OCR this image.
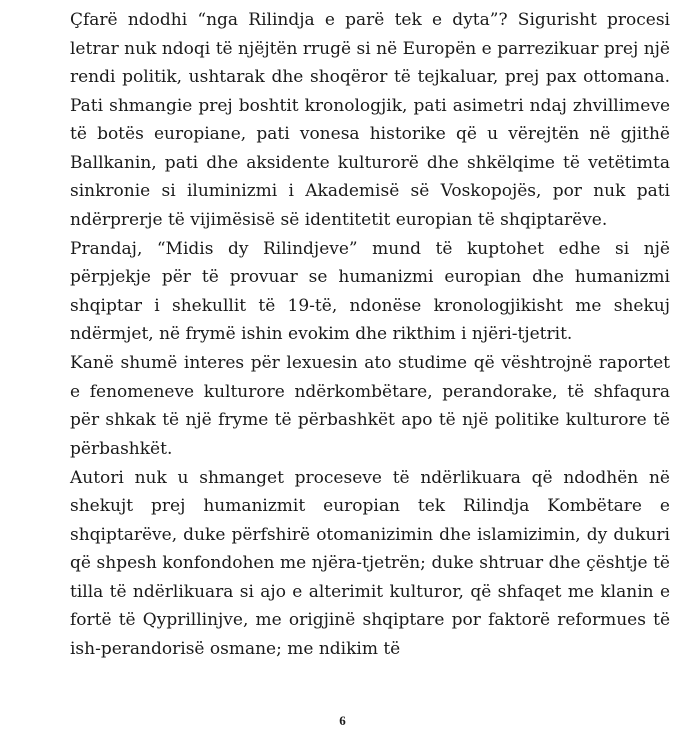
Çfarë ndodhi “nga Rilindja e parë tek e dyta”? Sigurisht procesi letrar nuk ndoqi të njëjtën rrugë si në Europën e parrezikuar prej një rendi politik, ushtarak dhe shoqëror të tejkaluar, prej pax ottomana. Pati shmangie prej boshtit kronologjik, pati asimetri ndaj zhvillimeve të botës europiane, pati vonesa historike që u vërejtën në gjithë Ballkanin, pati dhe aksidente kulturorë dhe shkëlqime të vetëtimta sinkronie si iluminizmi i Akademisë së Voskopojës, por nuk pati ndërprerje të vijimësisë së identitetit europian të shqiptarëve.

Prandaj, “Midis dy Rilindjeve” mund të kuptohet edhe si një përpjekje për të provuar se humanizmi europian dhe humanizmi shqiptar i shekullit të 19-të, ndonëse kronologjikisht me shekuj ndërmjet, në frymë ishin evokim dhe rikthim i njëri-tjetrit.

Kanë shumë interes për lexuesin ato studime që vështrojnë raportet e fenomeneve kulturore ndërkombëtare, perandorake, të shfaqura për shkak të një fryme të përbashkët apo të një politike kulturore të përbashkët.

Autori nuk u shmanget proceseve të ndërlikuara që ndodhën në shekujt prej humanizmit europian tek Rilindja Kombëtare e shqiptarëve, duke përfshirë otomanizimin dhe islamizimin, dy dukuri që shpesh konfondohen me njëra-tjetrën; duke shtruar dhe çështje të tilla të ndërlikuara si ajo e alterimit kulturor, që shfaqet me klanin e fortë të Qyprillinjve, me origjinë shqiptare por faktorë reformues të ish-perandorisë osmane; me ndikim të

6
